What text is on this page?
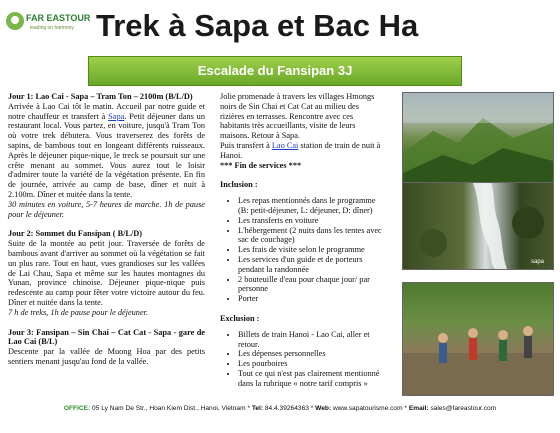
FAR EASTOUR
leading on harmony Trek à Sapa et Bac Ha
Escalade du Fansipan 3J

Jour 1: Lao Cai - Sapa – Tram Ton – 2100m (B/L/D)

Arrivée à Lao Cai tôt le matin. Accueil par notre guide et notre chauffeur et transfert à Sapa. Petit déjeuner dans un restaurant local. Vous partez, en voiture, jusqu'à Tram Ton où votre trek débutera. Vous traverserez des forêts de sapins, de bambous tout en longeant différents ruisseaux. Après le déjeuner pique-nique, le treck se poursuit sur une crête menant au sommet. Vous aurez tout le loisir d'admirer toute la variété de la végétation présente. En fin de journée, arrivée au camp de base, dîner et nuit à 2.100m. Dîner et nuitée dans la tente.

30 minutes en voiture, 5-7 heures de marche. 1h de pause pour le déjeuner.

Jour 2: Sommet du Fansipan ( B/L/D)

Suite de la montée au petit jour. Traversée de forêts de bambous avant d'arriver au sommet où la végétation se fait un plus rare. Tout en haut, vues grandioses sur les vallées de Lai Chau, Sapa et même sur les hautes montagnes du Yunan, province chinoise. Déjeuner pique-nique puis redescente au camp pour fêter votre victoire autour du feu. Dîner et nuitée dans la tente.

7 h de treks, 1h de pause pour le déjeuner.

Jour 3: Fansipan – Sin Chai – Cat Cat - Sapa - gare de Lao Cai (B/L)

Descente par la vallée de Muong Hoa par des petits sentiers menant jusqu'au fond de la vallée.

Jolie promenade à travers les villages Hmongs noirs de Sin Chai et Cat Cat au milieu des rizières en terrasses. Rencontre avec ces habitants très accueillants, visite de leurs maisons. Retour à Sapa.

Puis transfert à Lao Cai station de train de nuit à Hanoi.

*** Fin de services ***

Inclusion :

• Les repas mentionnés dans le programme (B: petit-déjeuner, L: déjeuner, D: dîner)
• Les transferts en voiture
• L'hébergement (2 nuits dans les tentes avec sac de couchage)
• Les frais de visite selon le programme
• Les services d'un guide et de porteurs pendant la randonnée
• 2 bouteuille d'eau pour chaque jour/ par personne
• Porter

Exclusion :

• Billets de train Hanoi - Lao Cai, aller et retour.
• Les dépenses personnelles
• Les pourboires
• Tout ce qui n'est pas clairement mentionné dans la rubrique « notre tarif compris »
sapa
OFFICE: 05 Ly Nam De Str., Hoan Kiem Dist., Hanoi, Vietnam * Tel: 84.4.39264363 * Web: www.sapatourisme.com * Email: sales@fareastour.com
